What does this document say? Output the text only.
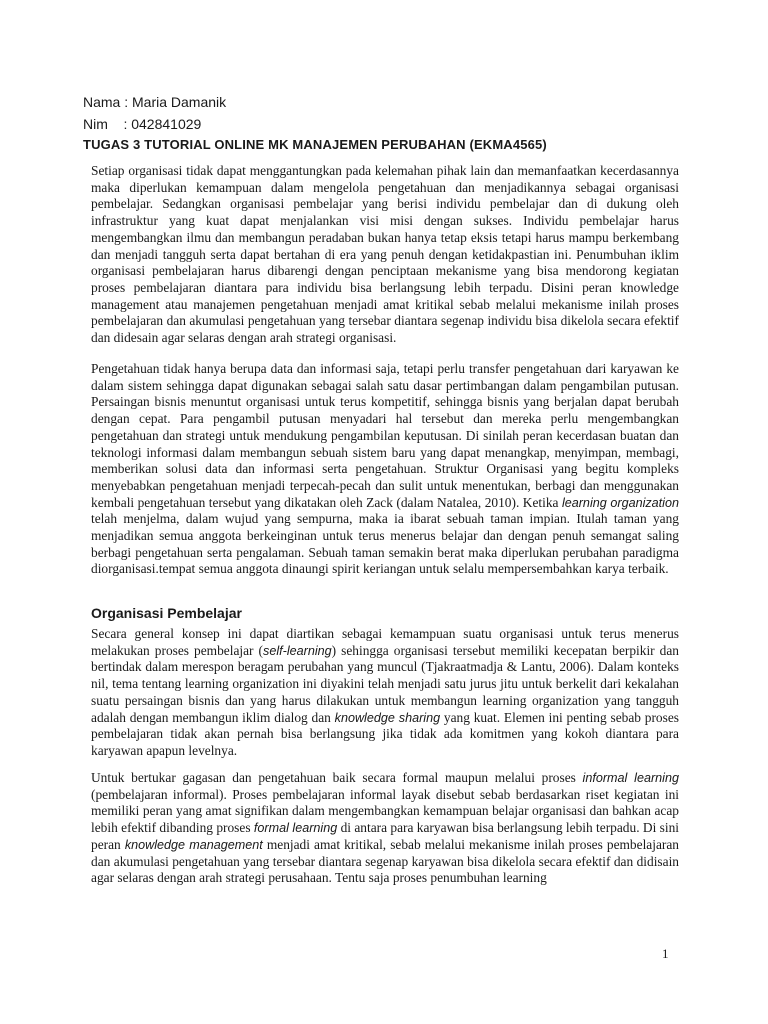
Nama : Maria Damanik
Nim    : 042841029
TUGAS 3 TUTORIAL ONLINE MK MANAJEMEN PERUBAHAN (EKMA4565)

Setiap organisasi tidak dapat menggantungkan pada kelemahan pihak lain dan memanfaatkan kecerdasannya maka diperlukan kemampuan dalam mengelola pengetahuan dan menjadikannya sebagai organisasi pembelajar. Sedangkan organisasi pembelajar yang berisi individu pembelajar dan di dukung oleh infrastruktur yang kuat dapat menjalankan visi misi dengan sukses. Individu pembelajar harus mengembangkan ilmu dan membangun peradaban bukan hanya tetap eksis tetapi harus mampu berkembang dan menjadi tangguh serta dapat bertahan di era yang penuh dengan ketidakpastian ini. Penumbuhan iklim organisasi pembelajaran harus dibarengi dengan penciptaan mekanisme yang bisa mendorong kegiatan proses pembelajaran diantara para individu bisa berlangsung lebih terpadu. Disini peran knowledge management atau manajemen pengetahuan menjadi amat kritikal sebab melalui mekanisme inilah proses pembelajaran dan akumulasi pengetahuan yang tersebar diantara segenap individu bisa dikelola secara efektif dan didesain agar selaras dengan arah strategi organisasi.

Pengetahuan tidak hanya berupa data dan informasi saja, tetapi perlu transfer pengetahuan dari karyawan ke dalam sistem sehingga dapat digunakan sebagai salah satu dasar pertimbangan dalam pengambilan putusan. Persaingan bisnis menuntut organisasi untuk terus kompetitif, sehingga bisnis yang berjalan dapat berubah dengan cepat. Para pengambil putusan menyadari hal tersebut dan mereka perlu mengembangkan pengetahuan dan strategi untuk mendukung pengambilan keputusan. Di sinilah peran kecerdasan buatan dan teknologi informasi dalam membangun sebuah sistem baru yang dapat menangkap, menyimpan, membagi, memberikan solusi data dan informasi serta pengetahuan. Struktur Organisasi yang begitu kompleks menyebabkan pengetahuan menjadi terpecah-pecah dan sulit untuk menentukan, berbagi dan menggunakan kembali pengetahuan tersebut yang dikatakan oleh Zack (dalam Natalea, 2010). Ketika learning organization telah menjelma, dalam wujud yang sempurna, maka ia ibarat sebuah taman impian. Itulah taman yang menjadikan semua anggota berkeinginan untuk terus menerus belajar dan dengan penuh semangat saling berbagi pengetahuan serta pengalaman. Sebuah taman semakin berat maka diperlukan perubahan paradigma diorganisasi.tempat semua anggota dinaungi spirit keriangan untuk selalu mempersembahkan karya terbaik.

Organisasi Pembelajar

Secara general konsep ini dapat diartikan sebagai kemampuan suatu organisasi untuk terus menerus melakukan proses pembelajar (self-learning) sehingga organisasi tersebut memiliki kecepatan berpikir dan bertindak dalam merespon beragam perubahan yang muncul (Tjakraatmadja & Lantu, 2006). Dalam konteks nil, tema tentang learning organization ini diyakini telah menjadi satu jurus jitu untuk berkelit dari kekalahan suatu persaingan bisnis dan yang harus dilakukan untuk membangun learning organization yang tangguh adalah dengan membangun iklim dialog dan knowledge sharing yang kuat. Elemen ini penting sebab proses pembelajaran tidak akan pernah bisa berlangsung jika tidak ada komitmen yang kokoh diantara para karyawan apapun levelnya.

Untuk bertukar gagasan dan pengetahuan baik secara formal maupun melalui proses informal learning (pembelajaran informal). Proses pembelajaran informal layak disebut sebab berdasarkan riset kegiatan ini memiliki peran yang amat signifikan dalam mengembangkan kemampuan belajar organisasi dan bahkan acap lebih efektif dibanding proses formal learning di antara para karyawan bisa berlangsung lebih terpadu. Di sini peran knowledge management menjadi amat kritikal, sebab melalui mekanisme inilah proses pembelajaran dan akumulasi pengetahuan yang tersebar diantara segenap karyawan bisa dikelola secara efektif dan didisain agar selaras dengan arah strategi perusahaan. Tentu saja proses penumbuhan learning

1
